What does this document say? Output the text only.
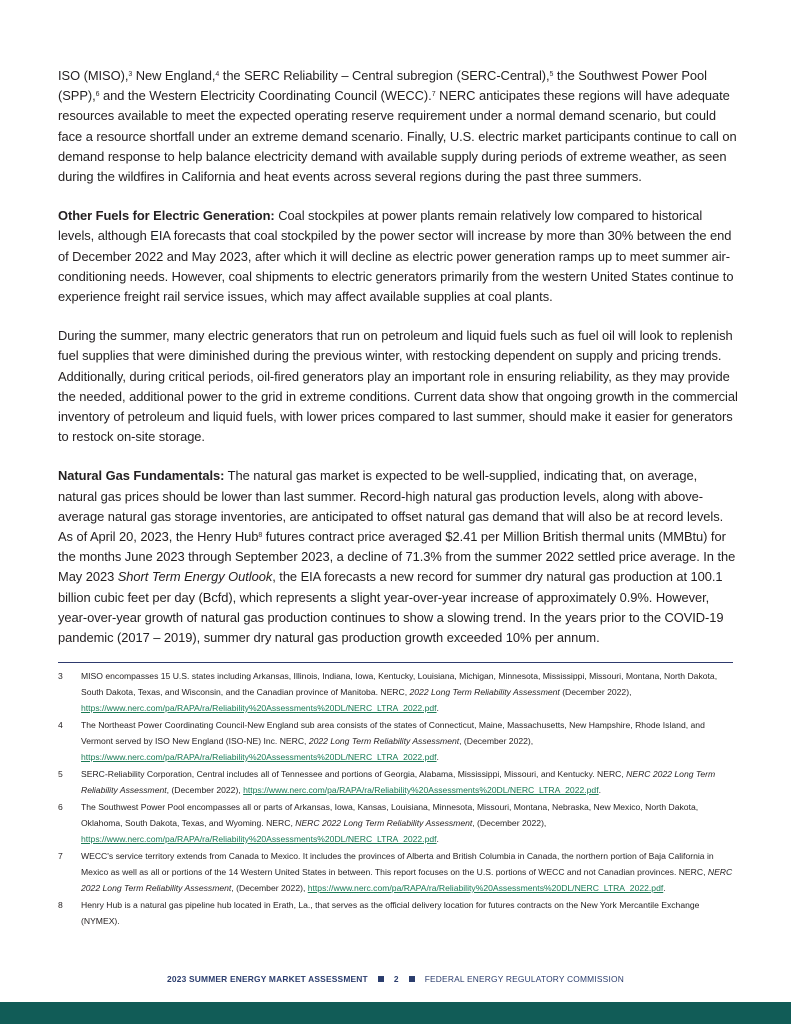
ISO (MISO),$^3$ New England,$^4$ the SERC Reliability – Central subregion (SERC-Central),$^5$ the Southwest Power Pool (SPP),$^6$ and the Western Electricity Coordinating Council (WECC).$^7$ NERC anticipates these regions will have adequate resources available to meet the expected operating reserve requirement under a normal demand scenario, but could face a resource shortfall under an extreme demand scenario. Finally, U.S. electric market participants continue to call on demand response to help balance electricity demand with available supply during periods of extreme weather, as seen during the wildfires in California and heat events across several regions during the past three summers.

Other Fuels for Electric Generation: Coal stockpiles at power plants remain relatively low compared to historical levels, although EIA forecasts that coal stockpiled by the power sector will increase by more than 30% between the end of December 2022 and May 2023, after which it will decline as electric power generation ramps up to meet summer air-conditioning needs. However, coal shipments to electric generators primarily from the western United States continue to experience freight rail service issues, which may affect available supplies at coal plants.

During the summer, many electric generators that run on petroleum and liquid fuels such as fuel oil will look to replenish fuel supplies that were diminished during the previous winter, with restocking dependent on supply and pricing trends. Additionally, during critical periods, oil-fired generators play an important role in ensuring reliability, as they may provide the needed, additional power to the grid in extreme conditions. Current data show that ongoing growth in the commercial inventory of petroleum and liquid fuels, with lower prices compared to last summer, should make it easier for generators to restock on-site storage.

Natural Gas Fundamentals: The natural gas market is expected to be well-supplied, indicating that, on average, natural gas prices should be lower than last summer. Record-high natural gas production levels, along with above-average natural gas storage inventories, are anticipated to offset natural gas demand that will also be at record levels. As of April 20, 2023, the Henry Hub$^8$ futures contract price averaged $2.41 per Million British thermal units (MMBtu) for the months June 2023 through September 2023, a decline of 71.3% from the summer 2022 settled price average. In the May 2023 Short Term Energy Outlook, the EIA forecasts a new record for summer dry natural gas production at 100.1 billion cubic feet per day (Bcfd), which represents a slight year-over-year increase of approximately 0.9%. However, year-over-year growth of natural gas production continues to show a slowing trend. In the years prior to the COVID-19 pandemic (2017 – 2019), summer dry natural gas production growth exceeded 10% per annum.

3	MISO encompasses 15 U.S. states including Arkansas, Illinois, Indiana, Iowa, Kentucky, Louisiana, Michigan, Minnesota, Mississippi, Missouri, Montana, North Dakota, South Dakota, Texas, and Wisconsin, and the Canadian province of Manitoba. NERC, 2022 Long Term Reliability Assessment (December 2022), https://www.nerc.com/pa/RAPA/ra/Reliability%20Assessments%20DL/NERC_LTRA_2022.pdf.
4	The Northeast Power Coordinating Council-New England sub area consists of the states of Connecticut, Maine, Massachusetts, New Hampshire, Rhode Island, and Vermont served by ISO New England (ISO-NE) Inc. NERC, 2022 Long Term Reliability Assessment, (December 2022), https://www.nerc.com/pa/RAPA/ra/Reliability%20Assessments%20DL/NERC_LTRA_2022.pdf.
5	SERC-Reliability Corporation, Central includes all of Tennessee and portions of Georgia, Alabama, Mississippi, Missouri, and Kentucky. NERC, NERC 2022 Long Term Reliability Assessment, (December 2022), https://www.nerc.com/pa/RAPA/ra/Reliability%20Assessments%20DL/NERC_LTRA_2022.pdf.
6	The Southwest Power Pool encompasses all or parts of Arkansas, Iowa, Kansas, Louisiana, Minnesota, Missouri, Montana, Nebraska, New Mexico, North Dakota, Oklahoma, South Dakota, Texas, and Wyoming. NERC, NERC 2022 Long Term Reliability Assessment, (December 2022), https://www.nerc.com/pa/RAPA/ra/Reliability%20Assessments%20DL/NERC_LTRA_2022.pdf.
7	WECC's service territory extends from Canada to Mexico. It includes the provinces of Alberta and British Columbia in Canada, the northern portion of Baja California in Mexico as well as all or portions of the 14 Western United States in between. This report focuses on the U.S. portions of WECC and not Canadian provinces. NERC, NERC 2022 Long Term Reliability Assessment, (December 2022), https://www.nerc.com/pa/RAPA/ra/Reliability%20Assessments%20DL/NERC_LTRA_2022.pdf.
8	Henry Hub is a natural gas pipeline hub located in Erath, La., that serves as the official delivery location for futures contracts on the New York Mercantile Exchange (NYMEX).
2023 SUMMER ENERGY MARKET ASSESSMENT	2	FEDERAL ENERGY REGULATORY COMMISSION
